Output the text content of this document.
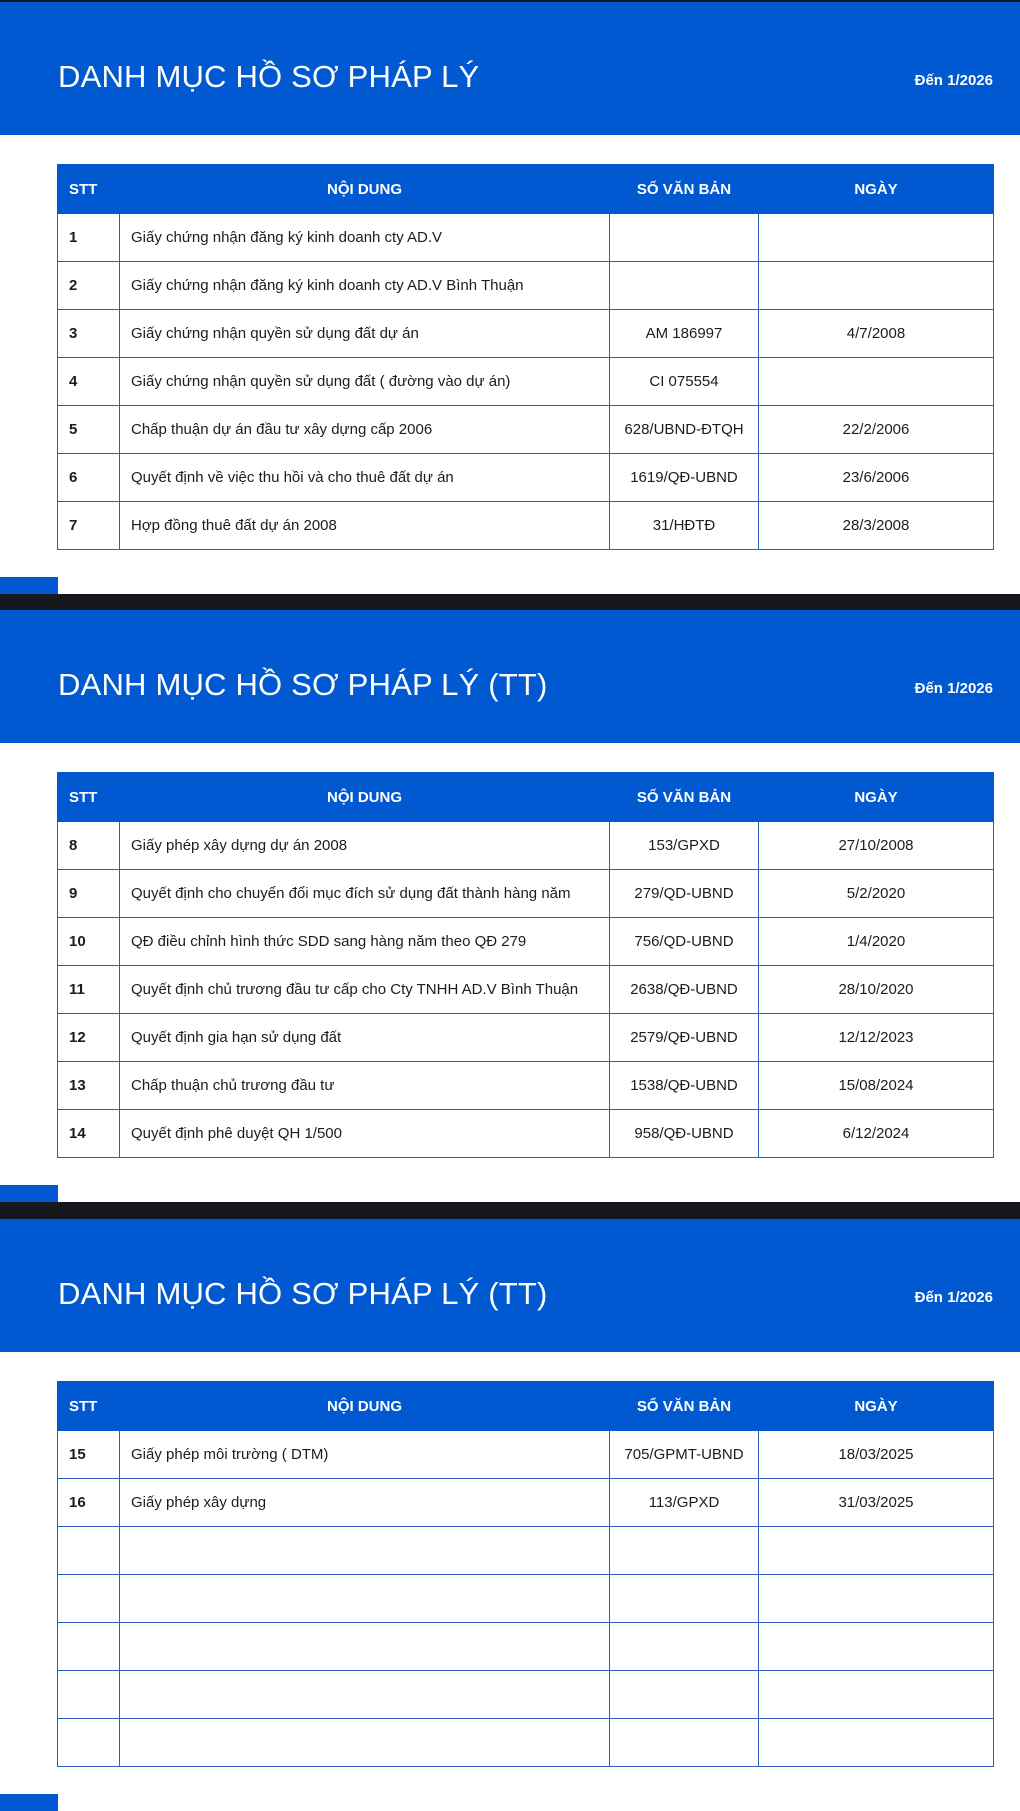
DANH MỤC HỒ SƠ PHÁP LÝ	Đến 1/2026
STT	NỘI DUNG	SỐ VĂN BẢN	NGÀY
1	Giấy chứng nhận đăng ký kinh doanh cty AD.V		
2	Giấy chứng nhận đăng ký kinh doanh cty AD.V Bình Thuận		
3	Giấy chứng nhận quyền sử dụng đất dự án	AM 186997	4/7/2008
4	Giấy chứng nhận quyền sử dụng đất ( đường vào dự án)	CI 075554	
5	Chấp thuận dự án đầu tư xây dựng cấp 2006	628/UBND-ĐTQH	22/2/2006
6	Quyết định về việc thu hồi và cho thuê đất dự án	1619/QĐ-UBND	23/6/2006
7	Hợp đồng thuê đất dự án 2008	31/HĐTĐ	28/3/2008
DANH MỤC HỒ SƠ PHÁP LÝ (TT)	Đến 1/2026
STT	NỘI DUNG	SỐ VĂN BẢN	NGÀY
8	Giấy phép xây dựng dự án 2008	153/GPXD	27/10/2008
9	Quyết định cho chuyển đổi mục đích sử dụng đất thành hàng năm	279/QD-UBND	5/2/2020
10	QĐ điều chỉnh hình thức SDD sang hàng năm theo QĐ 279	756/QD-UBND	1/4/2020
11	Quyết định chủ trương đầu tư cấp cho Cty TNHH AD.V Bình Thuận	2638/QĐ-UBND	28/10/2020
12	Quyết định gia hạn sử dụng đất	2579/QĐ-UBND	12/12/2023
13	Chấp thuận chủ trương đầu tư	1538/QĐ-UBND	15/08/2024
14	Quyết định phê duyệt QH 1/500	958/QĐ-UBND	6/12/2024
DANH MỤC HỒ SƠ PHÁP LÝ (TT)	Đến 1/2026
STT	NỘI DUNG	SỐ VĂN BẢN	NGÀY
15	Giấy phép môi trường ( DTM)	705/GPMT-UBND	18/03/2025
16	Giấy phép xây dựng	113/GPXD	31/03/2025
